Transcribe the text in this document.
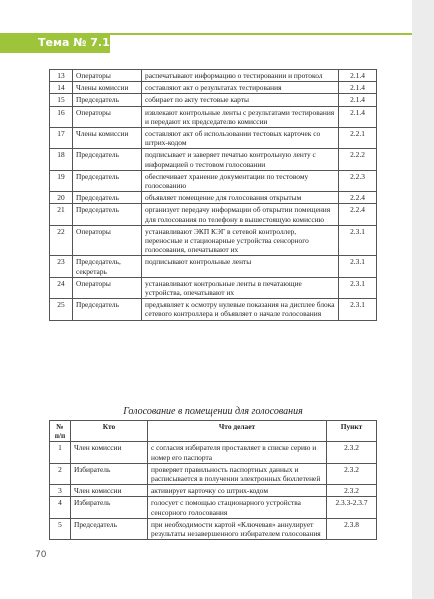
Тема № 7.1
13	Операторы	распечатывают информацию о тестировании и протокол	2.1.4
14	Члены комиссии	составляют акт о результатах тестирования	2.1.4
15	Председатель	собирает по акту тестовые карты	2.1.4
16	Операторы	извлекают контрольные ленты с результатами тестирования и передают их председателю комиссии	2.1.4
17	Члены комиссии	составляют акт об использовании тестовых карточек со штрих-кодом	2.2.1
18	Председатель	подписывает и заверяет печатью контрольную ленту с информацией о тестовом голосовании	2.2.2
19	Председатель	обеспечивает хранение документации по тестовому голосованию	2.2.3
20	Председатель	объявляет помещение для голосования открытым	2.2.4
21	Председатель	организует передачу информации об открытии помещения для голосования по телефону в вышестоящую комиссию	2.2.4
22	Операторы	устанавливают ЭКП КЭГ в сетевой контроллер, переносные и стационарные устройства сенсорного голосования, опечатывают их	2.3.1
23	Председатель, секретарь	подписывают контрольные ленты	2.3.1
24	Операторы	устанавливают контрольные ленты в печатающие устройства, опечатывают их	2.3.1
25	Председатель	предъявляет к осмотру нулевые показания на дисплее блока сетевого контроллера и объявляет о начале голосования	2.3.1
Голосование в помещении для голосования
№ п/п	Кто	Что делает	Пункт
1	Член комиссии	с согласия избирателя проставляет в списке серию и номер его паспорта	2.3.2
2	Избиратель	проверяет правильность паспортных данных и расписывается в получении электронных бюллетеней	2.3.2
3	Член комиссии	активирует карточку со штрих-кодом	2.3.2
4	Избиратель	голосует с помощью стационарного устройства сенсорного голосования	2.3.3-2.3.7
5	Председатель	при необходимости картой «Ключевая» аннулирует результаты незавершенного избирателем голосования	2.3.8
70
